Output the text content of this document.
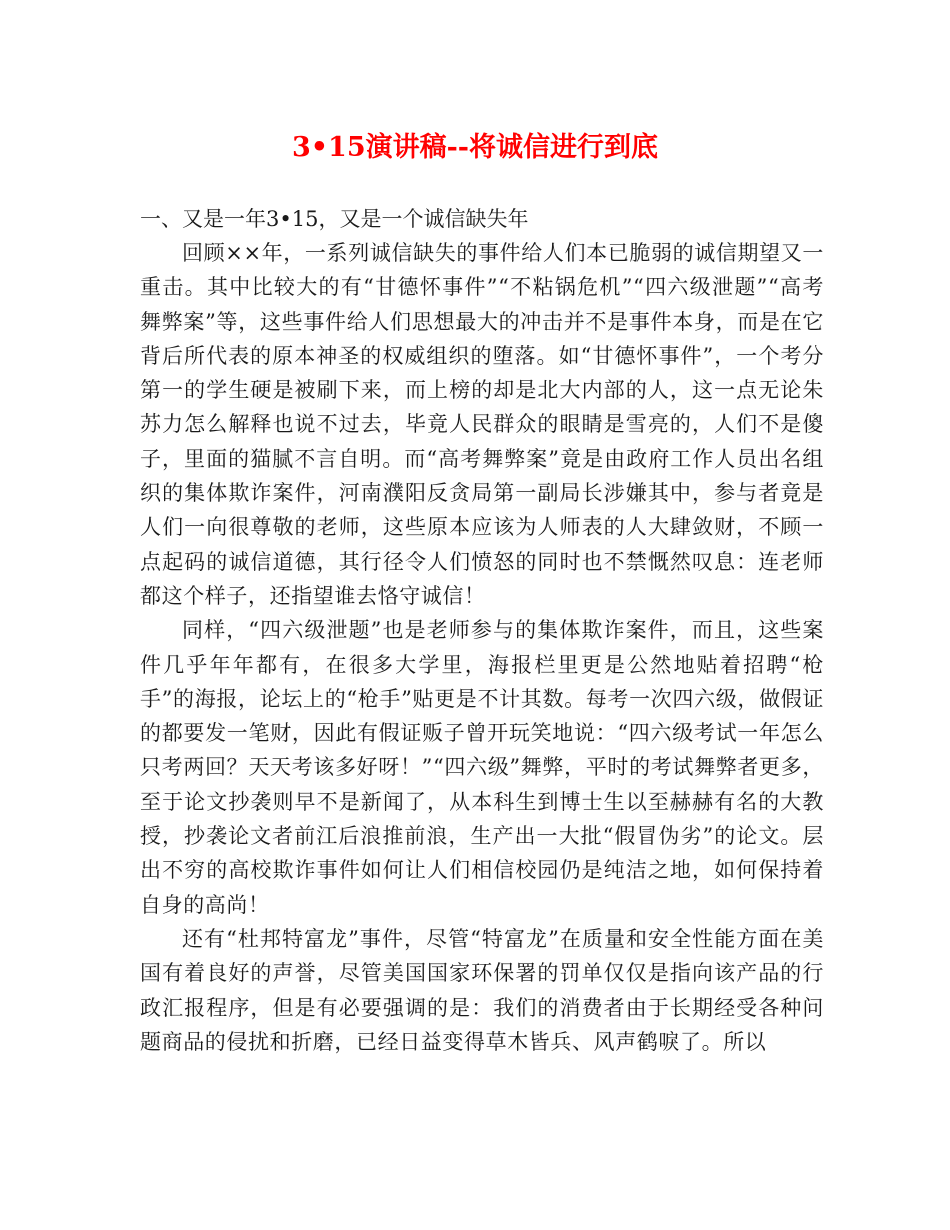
3•15演讲稿--将诚信进行到底

一、又是一年3•15，又是一个诚信缺失年

回顾××年，一系列诚信缺失的事件给人们本已脆弱的诚信期望又一重击。其中比较大的有“甘德怀事件”“不粘锅危机”“四六级泄题”“高考舞弊案”等，这些事件给人们思想最大的冲击并不是事件本身，而是在它背后所代表的原本神圣的权威组织的堕落。如“甘德怀事件”，一个考分第一的学生硬是被刷下来，而上榜的却是北大内部的人，这一点无论朱苏力怎么解释也说不过去，毕竟人民群众的眼睛是雪亮的，人们不是傻子，里面的猫腻不言自明。而“高考舞弊案”竟是由政府工作人员出名组织的集体欺诈案件，河南濮阳反贪局第一副局长涉嫌其中，参与者竟是人们一向很尊敬的老师，这些原本应该为人师表的人大肆敛财，不顾一点起码的诚信道德，其行径令人们愤怒的同时也不禁慨然叹息：连老师都这个样子，还指望谁去恪守诚信！

同样，“四六级泄题”也是老师参与的集体欺诈案件，而且，这些案件几乎年年都有，在很多大学里，海报栏里更是公然地贴着招聘“枪手”的海报，论坛上的“枪手”贴更是不计其数。每考一次四六级，做假证的都要发一笔财，因此有假证贩子曾开玩笑地说：“四六级考试一年怎么只考两回？天天考该多好呀！”“四六级”舞弊，平时的考试舞弊者更多，至于论文抄袭则早不是新闻了，从本科生到博士生以至赫赫有名的大教授，抄袭论文者前江后浪推前浪，生产出一大批“假冒伪劣”的论文。层出不穷的高校欺诈事件如何让人们相信校园仍是纯洁之地，如何保持着自身的高尚！

还有“杜邦特富龙”事件，尽管“特富龙”在质量和安全性能方面在美国有着良好的声誉，尽管美国国家环保署的罚单仅仅是指向该产品的行政汇报程序，但是有必要强调的是：我们的消费者由于长期经受各种问题商品的侵扰和折磨，已经日益变得草木皆兵、风声鹤唳了。所以
